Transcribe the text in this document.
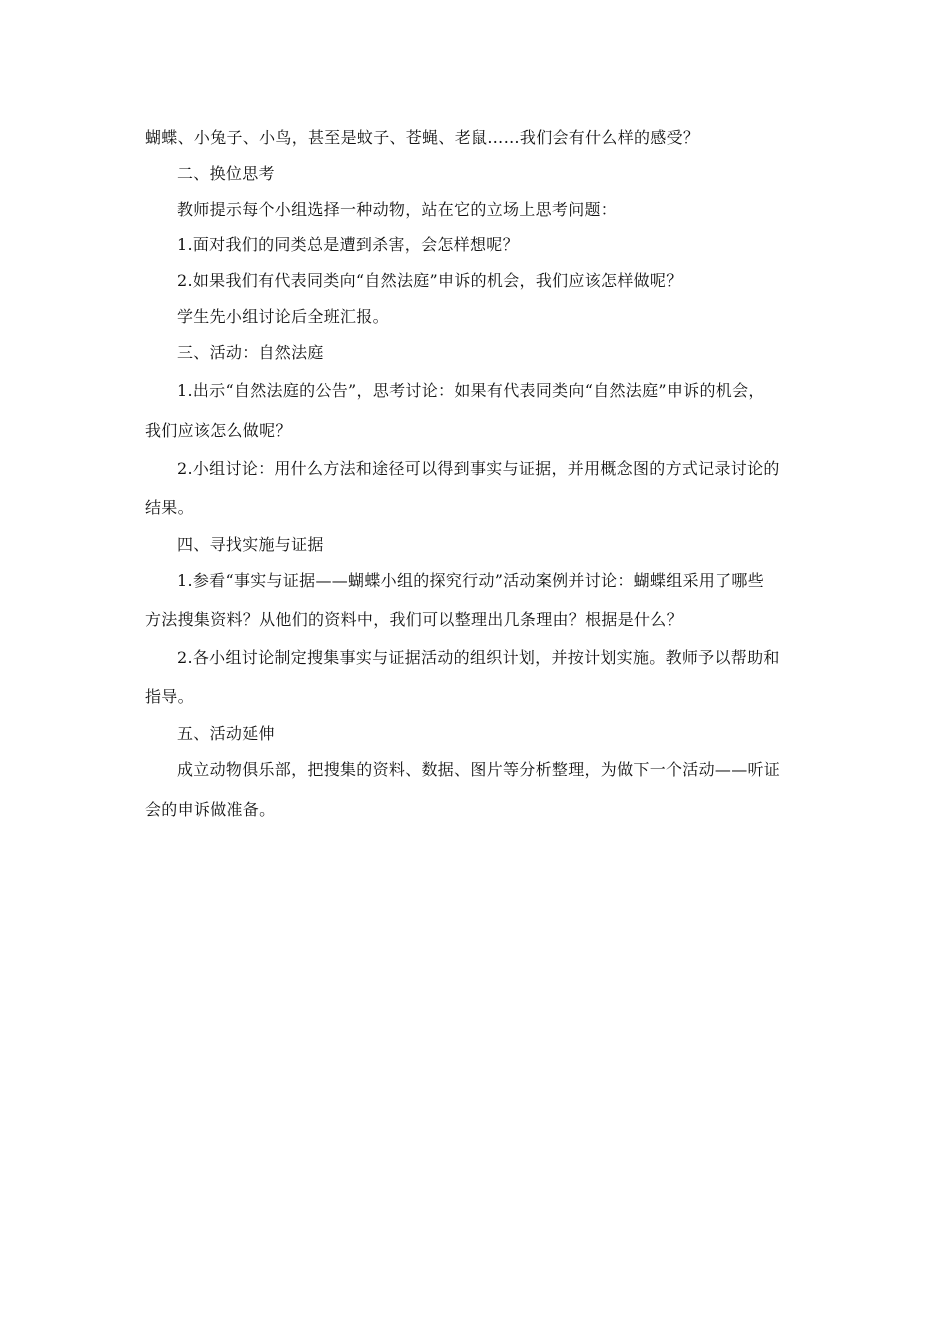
蝴蝶、小兔子、小鸟，甚至是蚊子、苍蝇、老鼠……我们会有什么样的感受？
二、换位思考
教师提示每个小组选择一种动物，站在它的立场上思考问题：
1.面对我们的同类总是遭到杀害，会怎样想呢？
2.如果我们有代表同类向“自然法庭”申诉的机会，我们应该怎样做呢？
学生先小组讨论后全班汇报。
三、活动：自然法庭
1.出示“自然法庭的公告”，思考讨论：如果有代表同类向“自然法庭”申诉的机会，
我们应该怎么做呢？
2.小组讨论：用什么方法和途径可以得到事实与证据，并用概念图的方式记录讨论的
结果。
四、寻找实施与证据
1.参看“事实与证据——蝴蝶小组的探究行动”活动案例并讨论：蝴蝶组采用了哪些
方法搜集资料？从他们的资料中，我们可以整理出几条理由？根据是什么？
2.各小组讨论制定搜集事实与证据活动的组织计划，并按计划实施。教师予以帮助和
指导。
五、活动延伸
成立动物俱乐部，把搜集的资料、数据、图片等分析整理，为做下一个活动——听证
会的申诉做准备。
